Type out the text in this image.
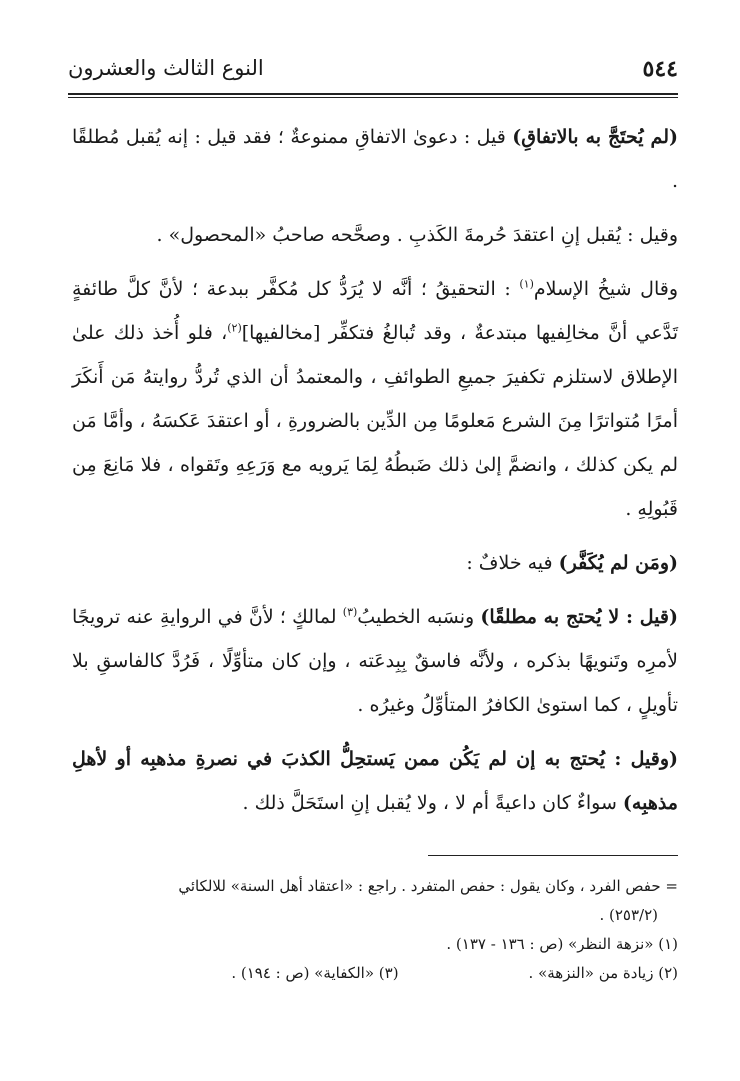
٥٤٤
النوع الثالث والعشرون

(لم يُحتَجَّ به بالاتفاقِ) قيل : دعوىٰ الاتفاقِ ممنوعةٌ ؛ فقد قيل : إنه يُقبل مُطلقًا .

وقيل : يُقبل إنِ اعتقدَ حُرمةَ الكَذبِ . وصحَّحه صاحبُ «المحصول» .

وقال شيخُ الإسلام$^{(١)}$ : التحقيقُ ؛ أنَّه لا يُرَدُّ كل مُكفَّر ببدعة ؛ لأنَّ كلَّ طائفةٍ تَدَّعي أنَّ مخالِفيها مبتدعةٌ ، وقد تُبالغُ فتكفِّر [مخالفيها]$^{(٢)}$، فلو أُخذ ذلك علىٰ الإطلاق لاستلزم تكفيرَ جميعِ الطوائفِ ، والمعتمدُ أن الذي تُردُّ روايتهُ مَن أَنكَرَ أمرًا مُتواترًا مِنَ الشرع مَعلومًا مِن الدِّين بالضرورةِ ، أو اعتقدَ عَكسَهُ ، وأمَّا مَن لم يكن كذلك ، وانضمَّ إلىٰ ذلك ضَبطُهُ لِمَا يَرويه مع وَرَعِهِ وتَقواه ، فلا مَانِعَ مِن قَبُولِهِ .

(ومَن لم يُكَفَّر) فيه خلافٌ :

(قيل : لا يُحتج به مطلقًا) ونسَبه الخطيبُ$^{(٣)}$ لمالكٍ ؛ لأنَّ في الروايةِ عنه ترويجًا لأمرِه وتَنويهًا بذكره ، ولأنَّه فاسقٌ بِبِدعَته ، وإن كان متأوِّلًا ، فَرُدَّ كالفاسقِ بلا تأويلٍ ، كما استوىٰ الكافرُ المتأوِّلُ وغيرُه .

(وقيل : يُحتج به إن لم يَكُن ممن يَستحِلُّ الكذبَ في نصرةِ مذهبِه أو لأهلِ مذهبِه) سواءٌ كان داعيةً أم لا ، ولا يُقبل إنِ استَحَلَّ ذلك .

= حفص الفرد ، وكان يقول : حفص المتفرد . راجع : «اعتقاد أهل السنة» للالكائي

(٢٥٣/٢) .

(١) «نزهة النظر» (ص : ١٣٦ - ١٣٧) .

(٢) زيادة من «النزهة» .
(٣) «الكفاية» (ص : ١٩٤) .
